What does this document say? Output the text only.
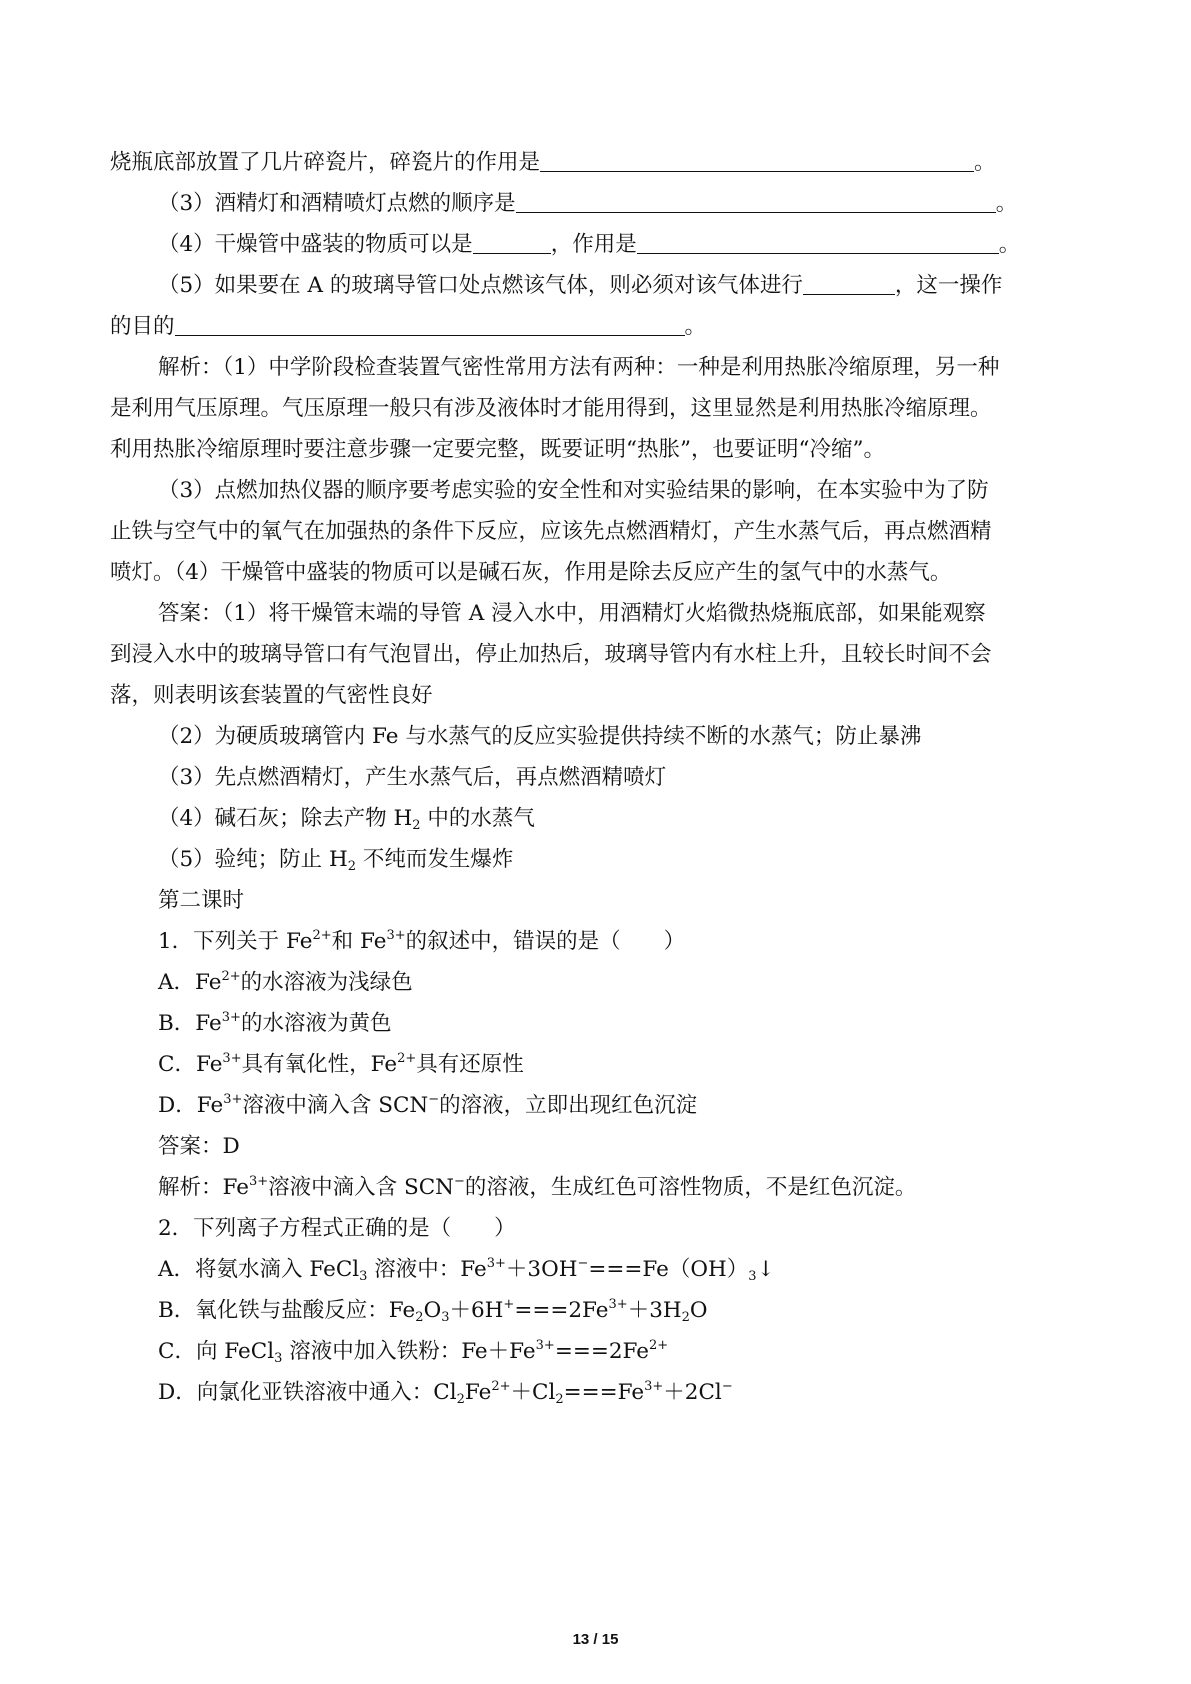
烧瓶底部放置了几片碎瓷片，碎瓷片的作用是	。
（3）酒精灯和酒精喷灯点燃的顺序是	。
（4）干燥管中盛装的物质可以是	，作用是	。
（5）如果要在 A 的玻璃导管口处点燃该气体，则必须对该气体进行	，这一操作
的目的	。
解析：（1）中学阶段检查装置气密性常用方法有两种：一种是利用热胀冷缩原理，另一种
是利用气压原理。气压原理一般只有涉及液体时才能用得到，这里显然是利用热胀冷缩原理。
利用热胀冷缩原理时要注意步骤一定要完整，既要证明“热胀”，也要证明“冷缩”。
（3）点燃加热仪器的顺序要考虑实验的安全性和对实验结果的影响，在本实验中为了防
止铁与空气中的氧气在加强热的条件下反应，应该先点燃酒精灯，产生水蒸气后，再点燃酒精
喷灯。（4）干燥管中盛装的物质可以是碱石灰，作用是除去反应产生的氢气中的水蒸气。
答案：（1）将干燥管末端的导管 A 浸入水中，用酒精灯火焰微热烧瓶底部，如果能观察
到浸入水中的玻璃导管口有气泡冒出，停止加热后，玻璃导管内有水柱上升，且较长时间不会
落，则表明该套装置的气密性良好
（2）为硬质玻璃管内 Fe 与水蒸气的反应实验提供持续不断的水蒸气；防止暴沸
（3）先点燃酒精灯，产生水蒸气后，再点燃酒精喷灯
（4）碱石灰；除去产物 $H_2$ 中的水蒸气
（5）验纯；防止 $H_2$ 不纯而发生爆炸
第二课时
1．下列关于 $Fe^{2+}$和 $Fe^{3+}$的叙述中，错误的是（　　）
A．$Fe^{2+}$的水溶液为浅绿色
B．$Fe^{3+}$的水溶液为黄色
C．$Fe^{3+}$具有氧化性，$Fe^{2+}$具有还原性
D．$Fe^{3+}$溶液中滴入含 SCN−的溶液，立即出现红色沉淀
答案：D
解析：$Fe^{3+}$溶液中滴入含 SCN−的溶液，生成红色可溶性物质，不是红色沉淀。
2．下列离子方程式正确的是（　　）
A．将氨水滴入 FeCl$_3$ 溶液中：$Fe^{3+}+3OH^-===Fe(OH)_3↓$
B．氧化铁与盐酸反应：$Fe_2O_3+6H^+===2Fe^{3+}+3H_2O$
C．向 FeCl$_3$ 溶液中加入铁粉：$Fe+Fe^{3+}===2Fe^{2+}$
D．向氯化亚铁溶液中通入：$Cl_2Fe^{2+}+Cl_2===Fe^{3+}+2Cl^-$
13 / 15
